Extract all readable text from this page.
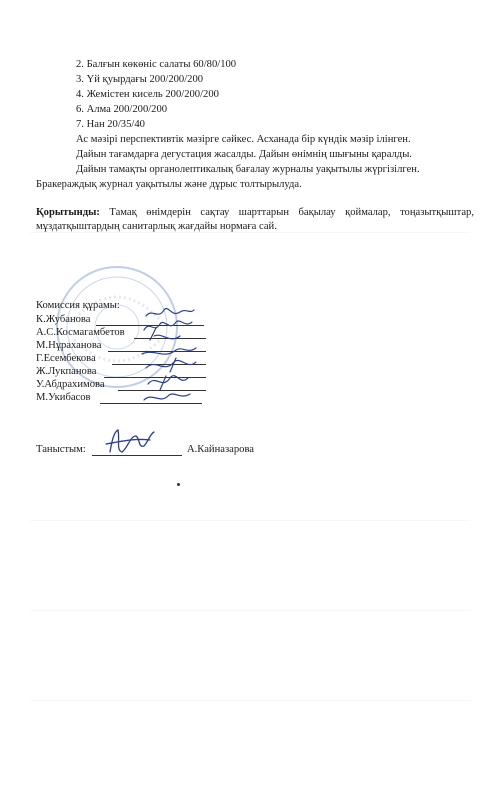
2. Балғын көкөніс салаты 60/80/100
3. Үй қуырдағы 200/200/200
4. Жемістен кисель 200/200/200
6. Алма 200/200/200
7. Нан 20/35/40
Ас мәзірі перспективтік мәзірге сәйкес. Асханада бір күндік мәзір ілінген.
Дайын тағамдарға дегустация жасалды. Дайын өнімнің шығыны қаралды.
Дайын тамақты органолептикалық бағалау журналы уақытылы жүргізілген.
Бракераждық журнал уақытылы және дұрыс толтырылуда.
Қорытынды: Тамақ өнімдерін сақтау шарттарын бақылау қоймалар, тоңазытқыштар, мұздатқыштардың санитарлық жағдайы нормаға сай.
Комиссия құрамы:
К.Жубанова
А.С.Космагамбетов
М.Нұраханова
Г.Есембекова
Ж.Лукпанова
У.Абдрахимова
М.Укибасов
Таныстым:	А.Кайназарова
